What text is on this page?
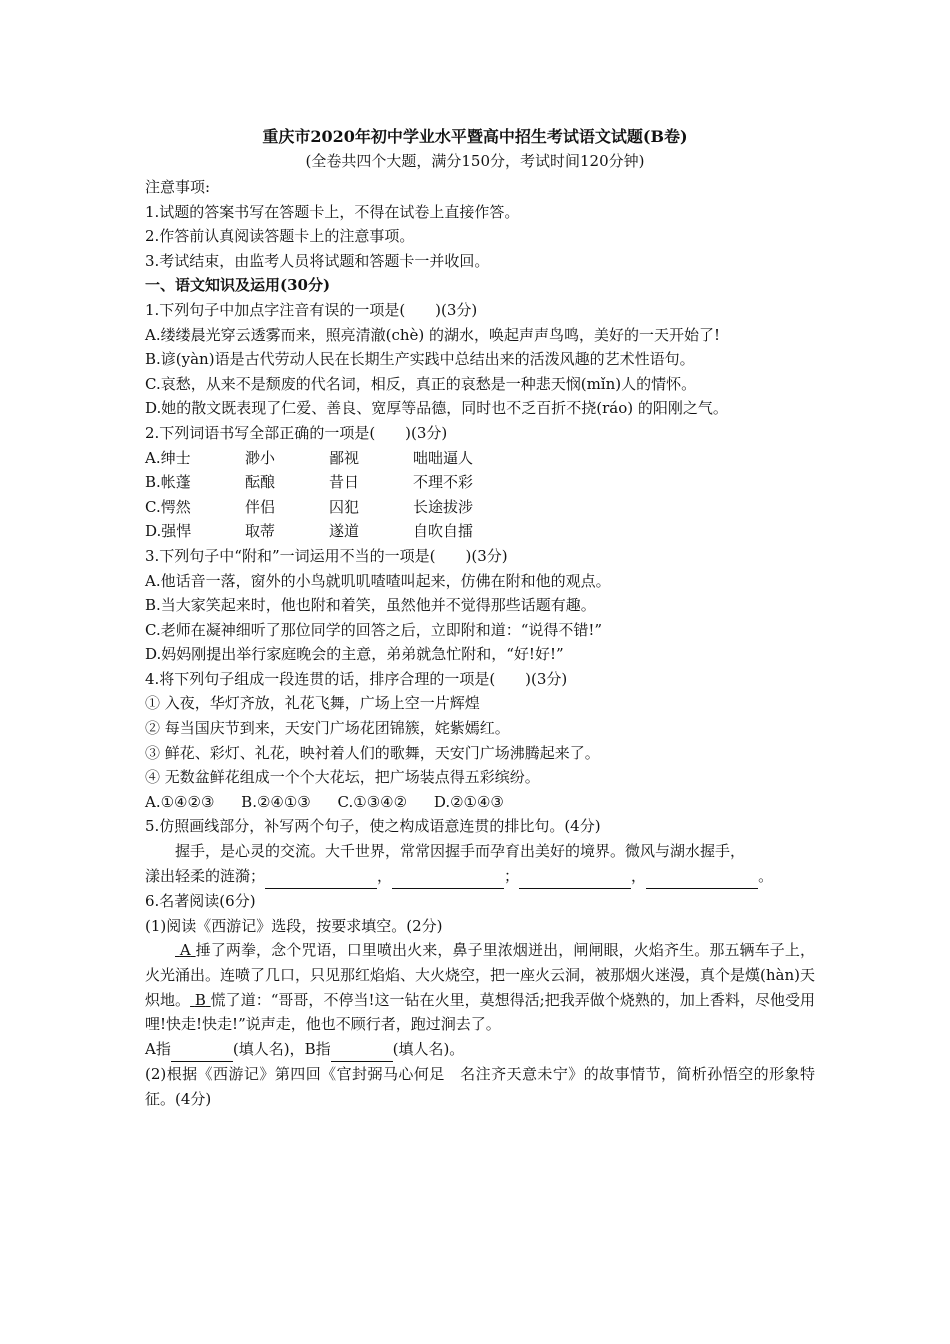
重庆市2020年初中学业水平暨高中招生考试语文试题(B卷)
(全卷共四个大题，满分150分，考试时间120分钟)
注意事项:
1.试题的答案书写在答题卡上，不得在试卷上直接作答。
2.作答前认真阅读答题卡上的注意事项。
3.考试结束，由监考人员将试题和答题卡一并收回。
一、语文知识及运用(30分)
1.下列句子中加点字注音有误的一项是(　　)(3分)
A.缕缕晨光穿云透雾而来，照亮清澈(chè) 的湖水，唤起声声鸟鸣，美好的一天开始了!
B.谚(yàn)语是古代劳动人民在长期生产实践中总结出来的活泼风趣的艺术性语句。
C.哀愁，从来不是颓废的代名词，相反，真正的哀愁是一种悲天悯(mǐn)人的情怀。
D.她的散文既表现了仁爱、善良、宽厚等品德，同时也不乏百折不挠(ráo) 的阳刚之气。
2.下列词语书写全部正确的一项是(　　)(3分)
A.绅士	渺小	鄙视	咄咄逼人
B.帐蓬	酝酿	昔日	不理不彩
C.愕然	伴侣	囚犯	长途拔涉
D.强悍	取蒂	遂道	自吹自擂
3.下列句子中“附和”一词运用不当的一项是(　　)(3分)
A.他话音一落，窗外的小鸟就叽叽喳喳叫起来，仿佛在附和他的观点。
B.当大家笑起来时，他也附和着笑，虽然他并不觉得那些话题有趣。
C.老师在凝神细听了那位同学的回答之后，立即附和道：“说得不错!”
D.妈妈刚提出举行家庭晚会的主意，弟弟就急忙附和，“好!好!”
4.将下列句子组成一段连贯的话，排序合理的一项是(　　)(3分)
① 入夜，华灯齐放，礼花飞舞，广场上空一片辉煌
② 每当国庆节到来，天安门广场花团锦簇，姹紫嫣红。
③ 鲜花、彩灯、礼花，映衬着人们的歌舞，天安门广场沸腾起来了。
④ 无数盆鲜花组成一个个大花坛，把广场装点得五彩缤纷。
A.①④②③ B.②④①③ C.①③④② D.②①④③
5.仿照画线部分，补写两个句子，使之构成语意连贯的排比句。(4分)
握手，是心灵的交流。大千世界，常常因握手而孕育出美好的境界。微风与湖水握手，
漾出轻柔的涟漪；	，	；	，	。
6.名著阅读(6分)
(1)阅读《西游记》选段，按要求填空。(2分)
A 捶了两拳，念个咒语，口里喷出火来，鼻子里浓烟迸出，闸闸眼，火焰齐生。那五辆车子上，火光涌出。连喷了几口，只见那红焰焰、大火烧空，把一座火云洞，被那烟火迷漫，真个是熯(hàn)天炽地。 B 慌了道：“哥哥，不停当!这一钻在火里，莫想得活;把我弄做个烧熟的，加上香料，尽他受用哩!快走!快走!”说声走，他也不顾行者，跑过涧去了。
A指	(填人名)，B指	(填人名)。
(2)根据《西游记》第四回《官封弼马心何足　名注齐天意未宁》的故事情节，简析孙悟空的形象特征。(4分)
